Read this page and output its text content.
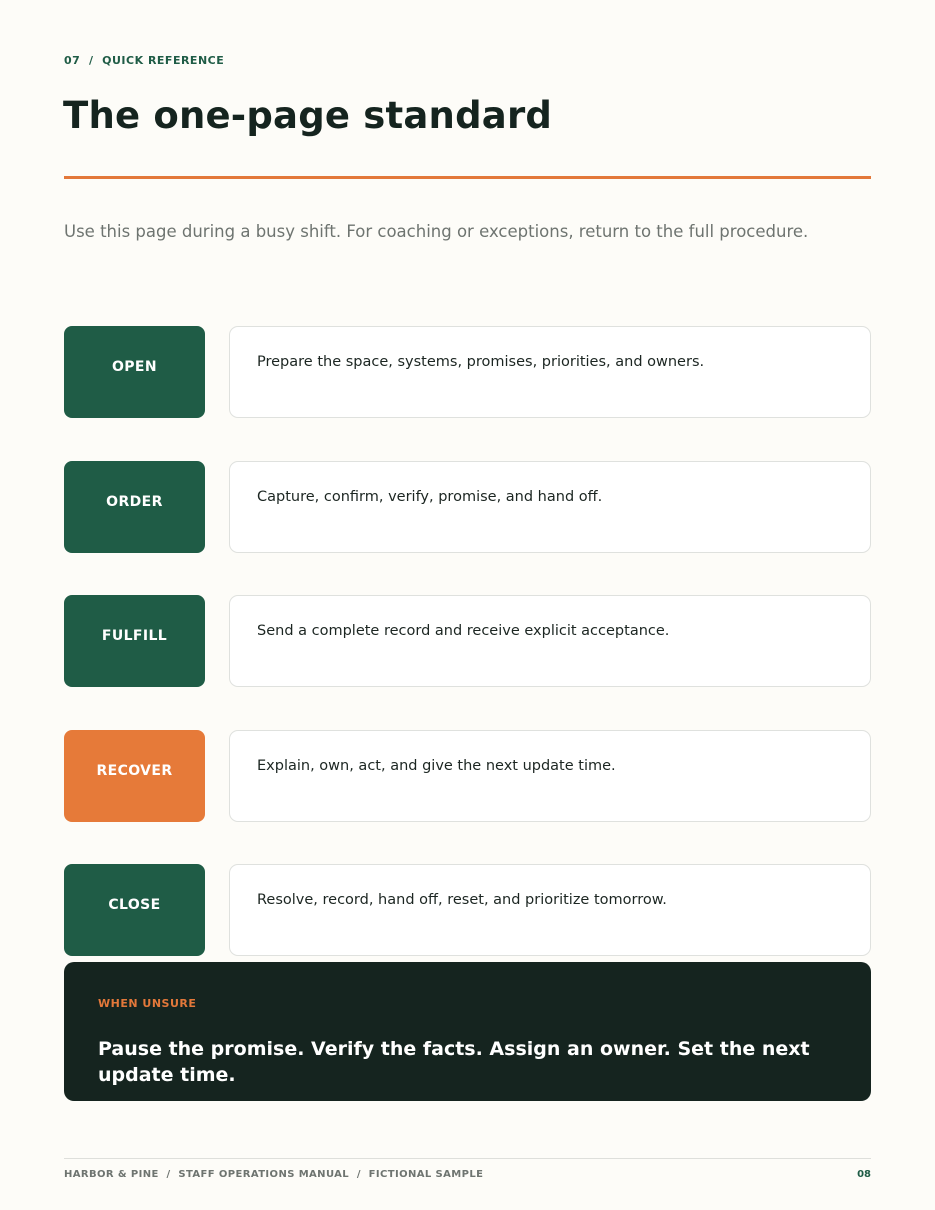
07  /  QUICK REFERENCE
The one-page standard
Use this page during a busy shift. For coaching or exceptions, return to the full procedure.
OPEN	Prepare the space, systems, promises, priorities, and owners.
ORDER	Capture, confirm, verify, promise, and hand off.
FULFILL	Send a complete record and receive explicit acceptance.
RECOVER	Explain, own, act, and give the next update time.
CLOSE	Resolve, record, hand off, reset, and prioritize tomorrow.

WHEN UNSURE

Pause the promise. Verify the facts. Assign an owner. Set the next update time.

HARBOR & PINE  /  STAFF OPERATIONS MANUAL  /  FICTIONAL SAMPLE	08
